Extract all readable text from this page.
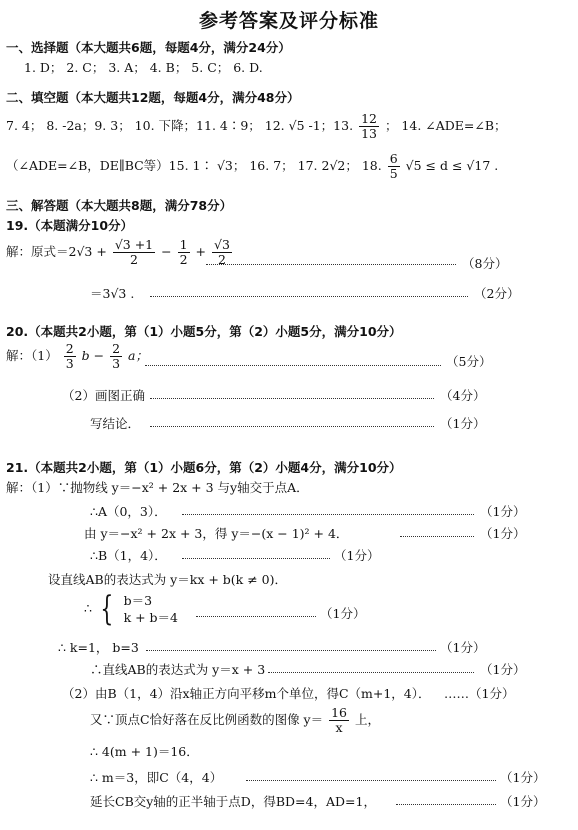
参考答案及评分标准
一、选择题（本大题共6题，每题4分，满分24分）
1. D； 2. C； 3. A； 4. B； 5. C； 6. D.
二、填空题（本大题共12题，每题4分，满分48分）
7. 4； 8. -2a；9. 3； 10. 下降；11. 4∶9； 12. √5 -1；13. $\frac{12}{13}$ ； 14. ∠ADE=∠B；
（∠ADE=∠B，DE∥BC等）15. 1∶ √3； 16. 7； 17. 2√2； 18. $\frac{6}{5} √5 \le d \le √17$ .
三、解答题（本大题共8题，满分78分）
19.（本题满分10分）
解：原式$=2√3 + \frac{√3 +1}{2} - \frac{1}{2} + \frac{√3}{2}$	（8分）
＝3√3 .	（2分）
20.（本题共2小题，第（1）小题5分，第（2）小题5分，满分10分）
解：$(1) \frac{2}{3}$ $b - \frac{2}{3}$ a；	（5分）
（2）画图正确	（4分）
写结论．	（1分）
21.（本题共2小题，第（1）小题6分，第（2）小题4分，满分10分）
解：（1）∵抛物线 y＝−x² + 2x + 3 与y轴交于点A．
∴A（0，3）．	（1分）
由 y＝−x² + 2x + 3，得 y＝−(x − 1)² + 4．	（1分）
∴B（1，4）．	（1分）
设直线AB的表达式为 y＝kx + b(k ≠ 0)．
∴ { b＝3
k + b＝4	（1分）
∴ k=1， b=3	（1分）
∴直线AB的表达式为 y＝x + 3	（1分）
（2）由B（1，4）沿x轴正方向平移m个单位，得C（m+1，4）． ……（1分）
又∵顶点C恰好落在反比例函数的图像 $y= \frac{16}{x}$ 上，
∴ 4(m + 1)＝16．
∴ m＝3，即C（4，4）	（1分）
延长CB交y轴的正半轴于点D，得BD=4，AD=1，	（1分）
